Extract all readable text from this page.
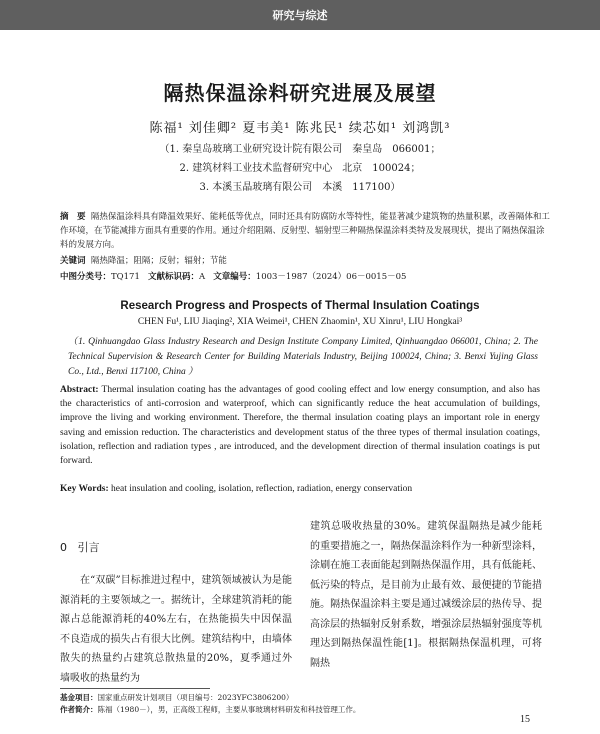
研究与综述
隔热保温涂料研究进展及展望
陈福¹ 刘佳卿² 夏韦美¹ 陈兆民¹ 续芯如¹ 刘鸿凯³
（1. 秦皇岛玻璃工业研究设计院有限公司　秦皇岛　066001；
2. 建筑材料工业技术监督研究中心　北京　100024；
3. 本溪玉晶玻璃有限公司　本溪　117100）
摘　要 隔热保温涂料具有降温效果好、能耗低等优点，同时还具有防腐防水等特性，能显著减少建筑物的热量积累，改善隔体和工作环境，在节能减排方面具有重要的作用。通过介绍阻隔、反射型、辐射型三种隔热保温涂料类特及发展现状，提出了隔热保温涂料的发展方向。
关键词 隔热降温；阻隔；反射；辐射；节能
中图分类号：TQ171 文献标识码：A 文章编号：1003－1987（2024）06－0015－05
Research Progress and Prospects of Thermal Insulation Coatings
CHEN Fu¹, LIU Jiaqing², XIA Weimei¹, CHEN Zhaomin¹, XU Xinru¹, LIU Hongkai³
（1. Qinhuangdao Glass Industry Research and Design Institute Company Limited, Qinhuangdao 066001, China; 2. The Technical Supervision & Research Center for Building Materials Industry, Beijing 100024, China; 3. Benxi Yujing Glass Co., Ltd., Benxi 117100, China ）
Abstract: Thermal insulation coating has the advantages of good cooling effect and low energy consumption, and also has the characteristics of anti-corrosion and waterproof, which can significantly reduce the heat accumulation of buildings, improve the living and working environment. Therefore, the thermal insulation coating plays an important role in energy saving and emission reduction. The characteristics and development status of the three types of thermal insulation coatings, isolation, reflection and radiation types , are introduced, and the development direction of thermal insulation coatings is put forward.
Key Words: heat insulation and cooling, isolation, reflection, radiation, energy conservation
0 引言
在“双碳”目标推进过程中，建筑领域被认为是能源消耗的主要领域之一。据统计，全球建筑消耗的能源占总能源消耗的40%左右，在热能损失中因保温不良造成的损失占有很大比例。建筑结构中，由墙体散失的热量约占建筑总散热量的20%，夏季通过外墙吸收的热量约为
建筑总吸收热量的30%。建筑保温隔热是减少能耗的重要措施之一，隔热保温涂料作为一种新型涂料，涂刷在施工表面能起到隔热保温作用，具有低能耗、低污染的特点，是目前为止最有效、最便捷的节能措施。隔热保温涂料主要是通过减缓涂层的热传导、提高涂层的热辐射反射系数，增强涂层热辐射强度等机理达到隔热保温性能[1]。根据隔热保温机理，可将隔热
基金项目：国家重点研发计划项目（项目编号：2023YFC3806200）
作者简介：陈福（1980－），男，正高级工程师，主要从事玻璃材料研发和科技管理工作。
15
